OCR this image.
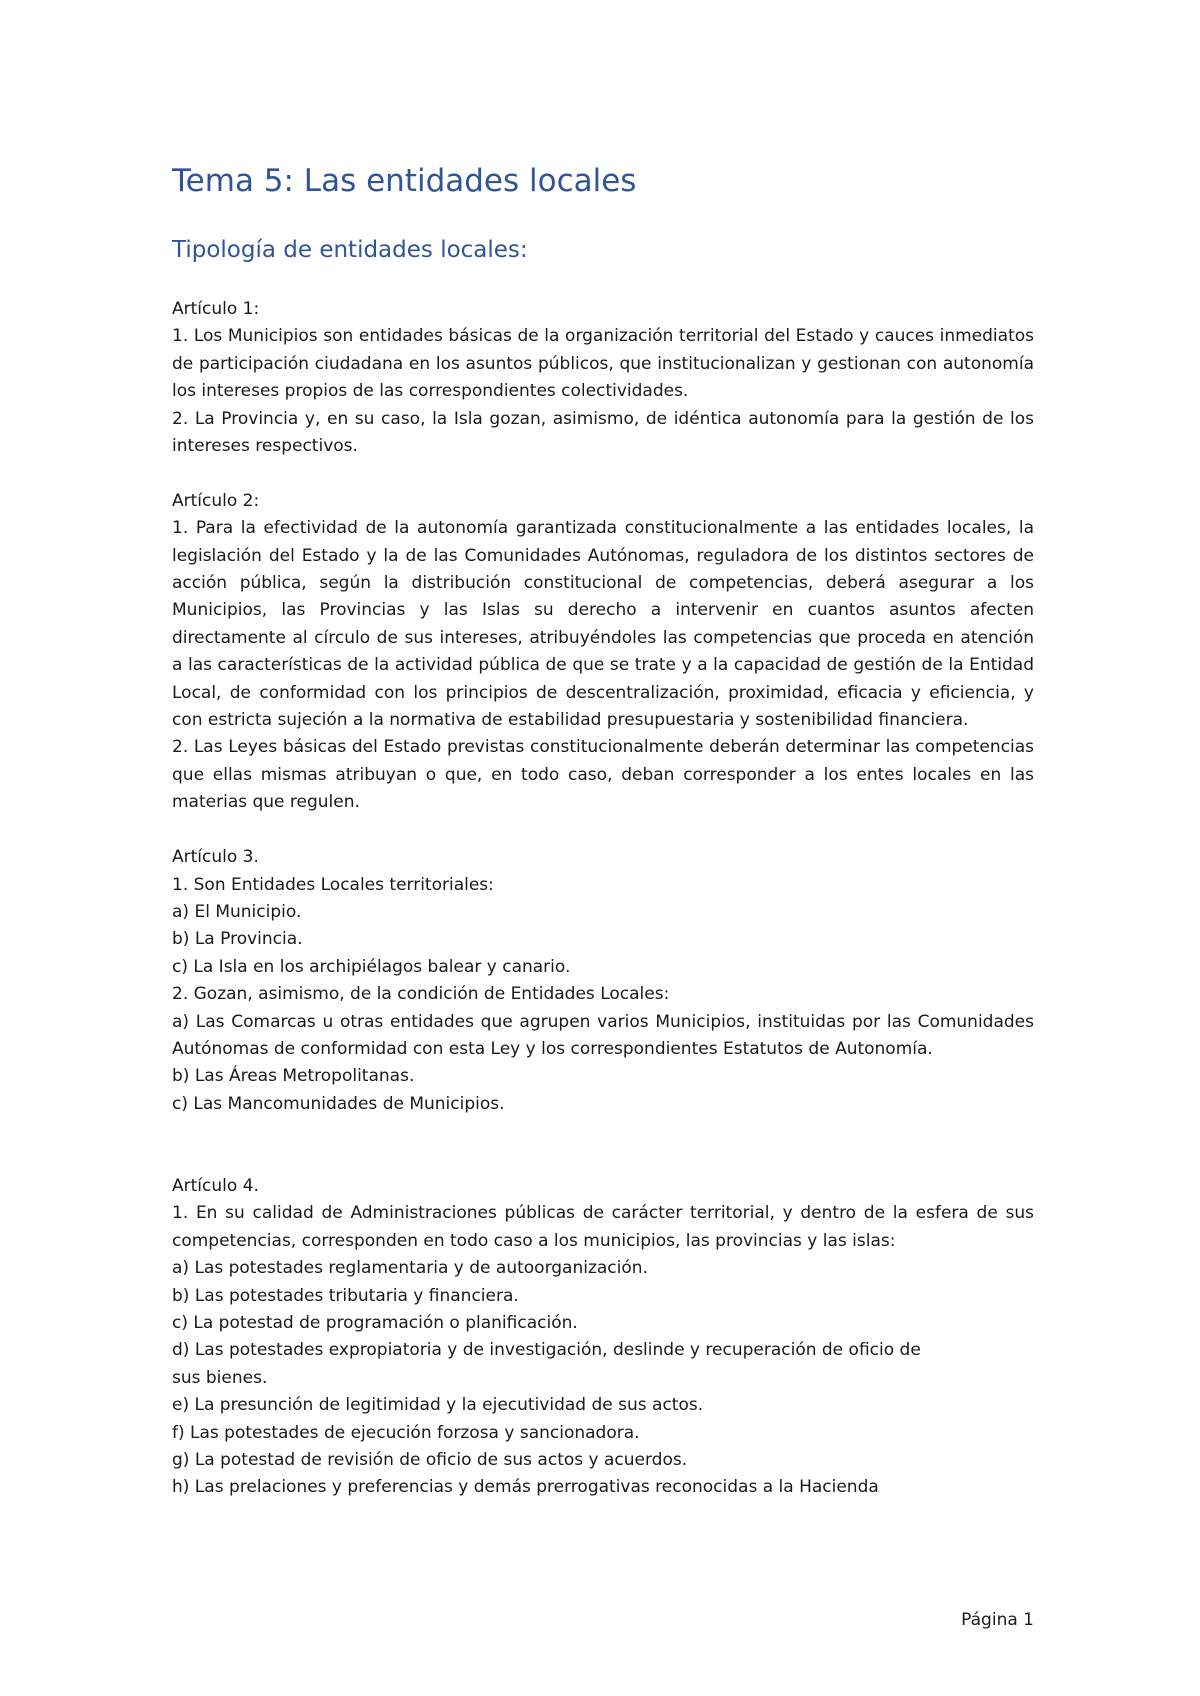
Tema 5: Las entidades locales
Tipología de entidades locales:

Artículo 1:

1. Los Municipios son entidades básicas de la organización territorial del Estado y cauces inmediatos de participación ciudadana en los asuntos públicos, que institucionalizan y gestionan con autonomía los intereses propios de las correspondientes colectividades.

2. La Provincia y, en su caso, la Isla gozan, asimismo, de idéntica autonomía para la gestión de los intereses respectivos.

Artículo 2:

1. Para la efectividad de la autonomía garantizada constitucionalmente a las entidades locales, la legislación del Estado y la de las Comunidades Autónomas, reguladora de los distintos sectores de acción pública, según la distribución constitucional de competencias, deberá asegurar a los Municipios, las Provincias y las Islas su derecho a intervenir en cuantos asuntos afecten directamente al círculo de sus intereses, atribuyéndoles las competencias que proceda en atención a las características de la actividad pública de que se trate y a la capacidad de gestión de la Entidad Local, de conformidad con los principios de descentralización, proximidad, eficacia y eficiencia, y con estricta sujeción a la normativa de estabilidad presupuestaria y sostenibilidad financiera.

2. Las Leyes básicas del Estado previstas constitucionalmente deberán determinar las competencias que ellas mismas atribuyan o que, en todo caso, deban corresponder a los entes locales en las materias que regulen.

Artículo 3.

1. Son Entidades Locales territoriales:

a) El Municipio.

b) La Provincia.

c) La Isla en los archipiélagos balear y canario.

2. Gozan, asimismo, de la condición de Entidades Locales:

a) Las Comarcas u otras entidades que agrupen varios Municipios, instituidas por las Comunidades Autónomas de conformidad con esta Ley y los correspondientes Estatutos de Autonomía.

b) Las Áreas Metropolitanas.

c) Las Mancomunidades de Municipios.

Artículo 4.

1. En su calidad de Administraciones públicas de carácter territorial, y dentro de la esfera de sus competencias, corresponden en todo caso a los municipios, las provincias y las islas:

a) Las potestades reglamentaria y de autoorganización.

b) Las potestades tributaria y financiera.

c) La potestad de programación o planificación.

d) Las potestades expropiatoria y de investigación, deslinde y recuperación de oficio de

sus bienes.

e) La presunción de legitimidad y la ejecutividad de sus actos.

f) Las potestades de ejecución forzosa y sancionadora.

g) La potestad de revisión de oficio de sus actos y acuerdos.

h) Las prelaciones y preferencias y demás prerrogativas reconocidas a la Hacienda

Página 1
